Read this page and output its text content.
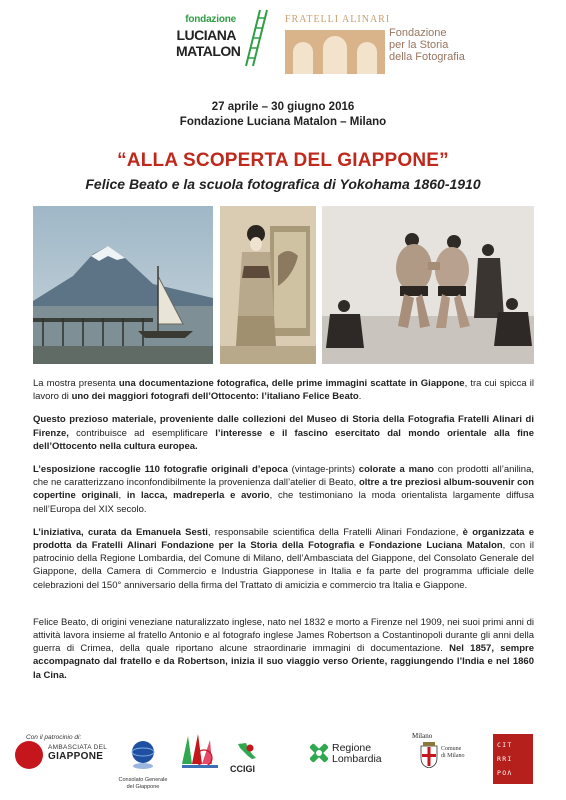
fondazione
LUCIANA
MATALON
FRATELLI ALINARI
Fondazione
per la Storia
della Fotografia
27 aprile – 30 giugno 2016
Fondazione Luciana Matalon – Milano
“ALLA SCOPERTA DEL GIAPPONE”
Felice Beato e la scuola fotografica di Yokohama 1860-1910

La mostra presenta una documentazione fotografica, delle prime immagini scattate in Giappone, tra cui spicca il lavoro di uno dei maggiori fotografi dell’Ottocento: l’italiano Felice Beato.

Questo prezioso materiale, proveniente dalle collezioni del Museo di Storia della Fotografia Fratelli Alinari di Firenze, contribuisce ad esemplificare l’interesse e il fascino esercitato dal mondo orientale alla fine dell’Ottocento nella cultura europea.

L’esposizione raccoglie 110 fotografie originali d’epoca (vintage-prints) colorate a mano con prodotti all’anilina, che ne caratterizzano inconfondibilmente la provenienza dall’atelier di Beato, oltre a tre preziosi album-souvenir con copertine originali, in lacca, madreperla e avorio, che testimoniano la moda orientalista largamente diffusa nell’Europa del XIX secolo.

L’iniziativa, curata da Emanuela Sesti, responsabile scientifica della Fratelli Alinari Fondazione, è organizzata e prodotta da Fratelli Alinari Fondazione per la Storia della Fotografia e Fondazione Luciana Matalon, con il patrocinio della Regione Lombardia, del Comune di Milano, dell’Ambasciata del Giappone, del Consolato Generale del Giappone, della Camera di Commercio e Industria Giapponese in Italia e fa parte del programma ufficiale delle celebrazioni del 150° anniversario della firma del Trattato di amicizia e commercio tra Italia e Giappone.

Felice Beato, di origini veneziane naturalizzato inglese, nato nel 1832 e morto a Firenze nel 1909, nei suoi primi anni di attività lavora insieme al fratello Antonio e al fotografo inglese James Robertson a Costantinopoli durante gli anni della guerra di Crimea, della quale riportano alcune straordinarie immagini di documentazione. Nel 1857, sempre accompagnato dal fratello e da Robertson, inizia il suo viaggio verso Oriente, raggiungendo l’India e nel 1860 la Cina.

Con il patrocinio di:
AMBASCIATA DEL
GIAPPONE
Consolato Generale
del Giappone
CCIGI
Regione
Lombardia
Milano
Comune
di Milano
CIT
RRI
POΛ
